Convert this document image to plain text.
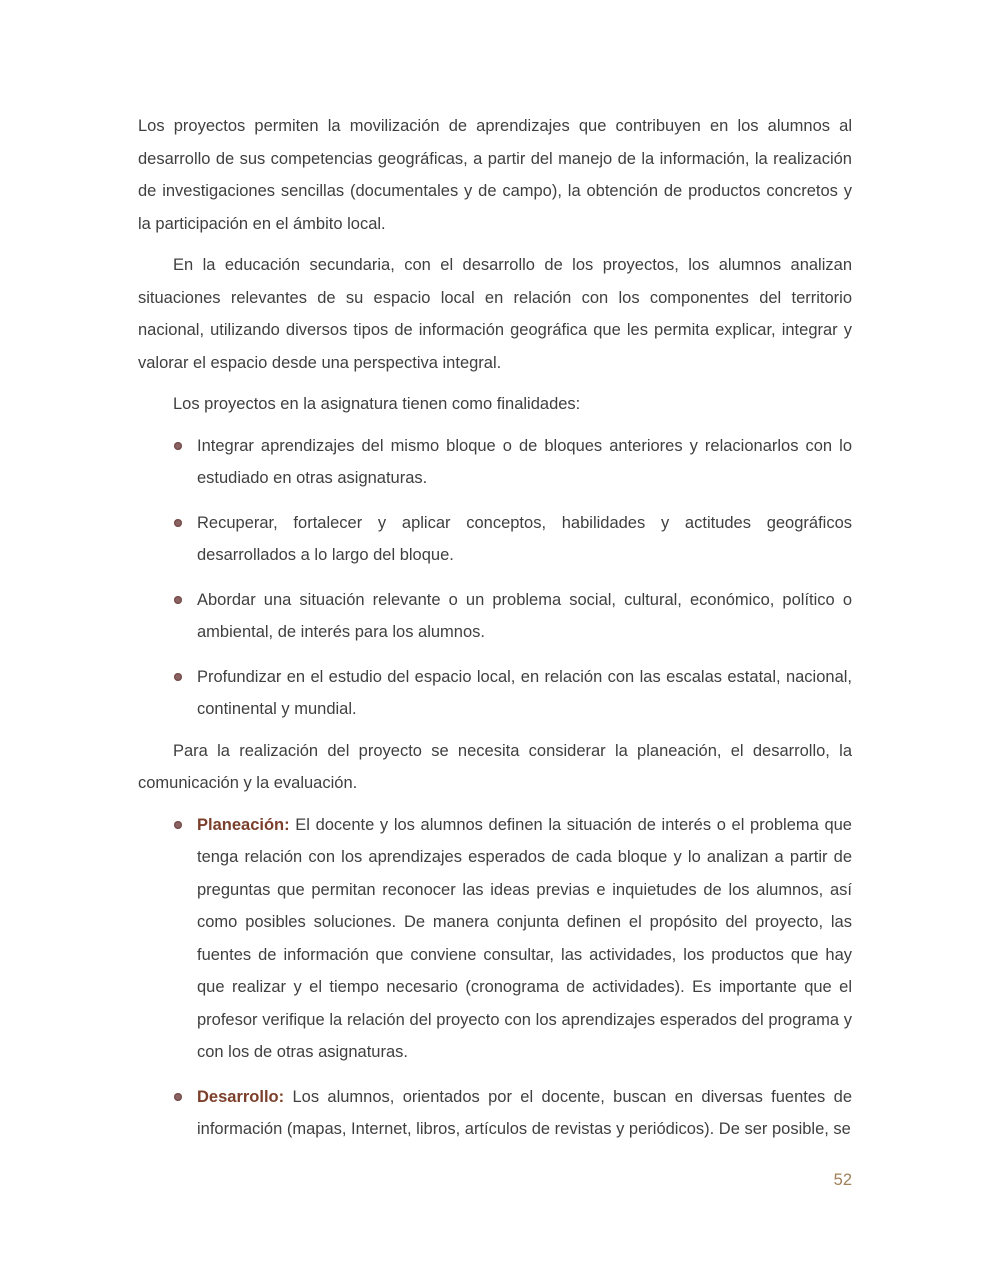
Los proyectos permiten la movilización de aprendizajes que contribuyen en los alumnos al desarrollo de sus competencias geográficas, a partir del manejo de la información, la realización de investigaciones sencillas (documentales y de campo), la obtención de productos concretos y la participación en el ámbito local.

En la educación secundaria, con el desarrollo de los proyectos, los alumnos analizan situaciones relevantes de su espacio local en relación con los componentes del territorio nacional, utilizando diversos tipos de información geográfica que les permita explicar, integrar y valorar el espacio desde una perspectiva integral.

Los proyectos en la asignatura tienen como finalidades:

Integrar aprendizajes del mismo bloque o de bloques anteriores y relacionarlos con lo estudiado en otras asignaturas.
Recuperar, fortalecer y aplicar conceptos, habilidades y actitudes geográficos desarrollados a lo largo del bloque.
Abordar una situación relevante o un problema social, cultural, económico, político o ambiental, de interés para los alumnos.
Profundizar en el estudio del espacio local, en relación con las escalas estatal, nacional, continental y mundial.

Para la realización del proyecto se necesita considerar la planeación, el desarrollo, la comunicación y la evaluación.

Planeación: El docente y los alumnos definen la situación de interés o el problema que tenga relación con los aprendizajes esperados de cada bloque y lo analizan a partir de preguntas que permitan reconocer las ideas previas e inquietudes de los alumnos, así como posibles soluciones. De manera conjunta definen el propósito del proyecto, las fuentes de información que conviene consultar, las actividades, los productos que hay que realizar y el tiempo necesario (cronograma de actividades). Es importante que el profesor verifique la relación del proyecto con los aprendizajes esperados del programa y con los de otras asignaturas.
Desarrollo: Los alumnos, orientados por el docente, buscan en diversas fuentes de información (mapas, Internet, libros, artículos de revistas y periódicos). De ser posible, se
52
